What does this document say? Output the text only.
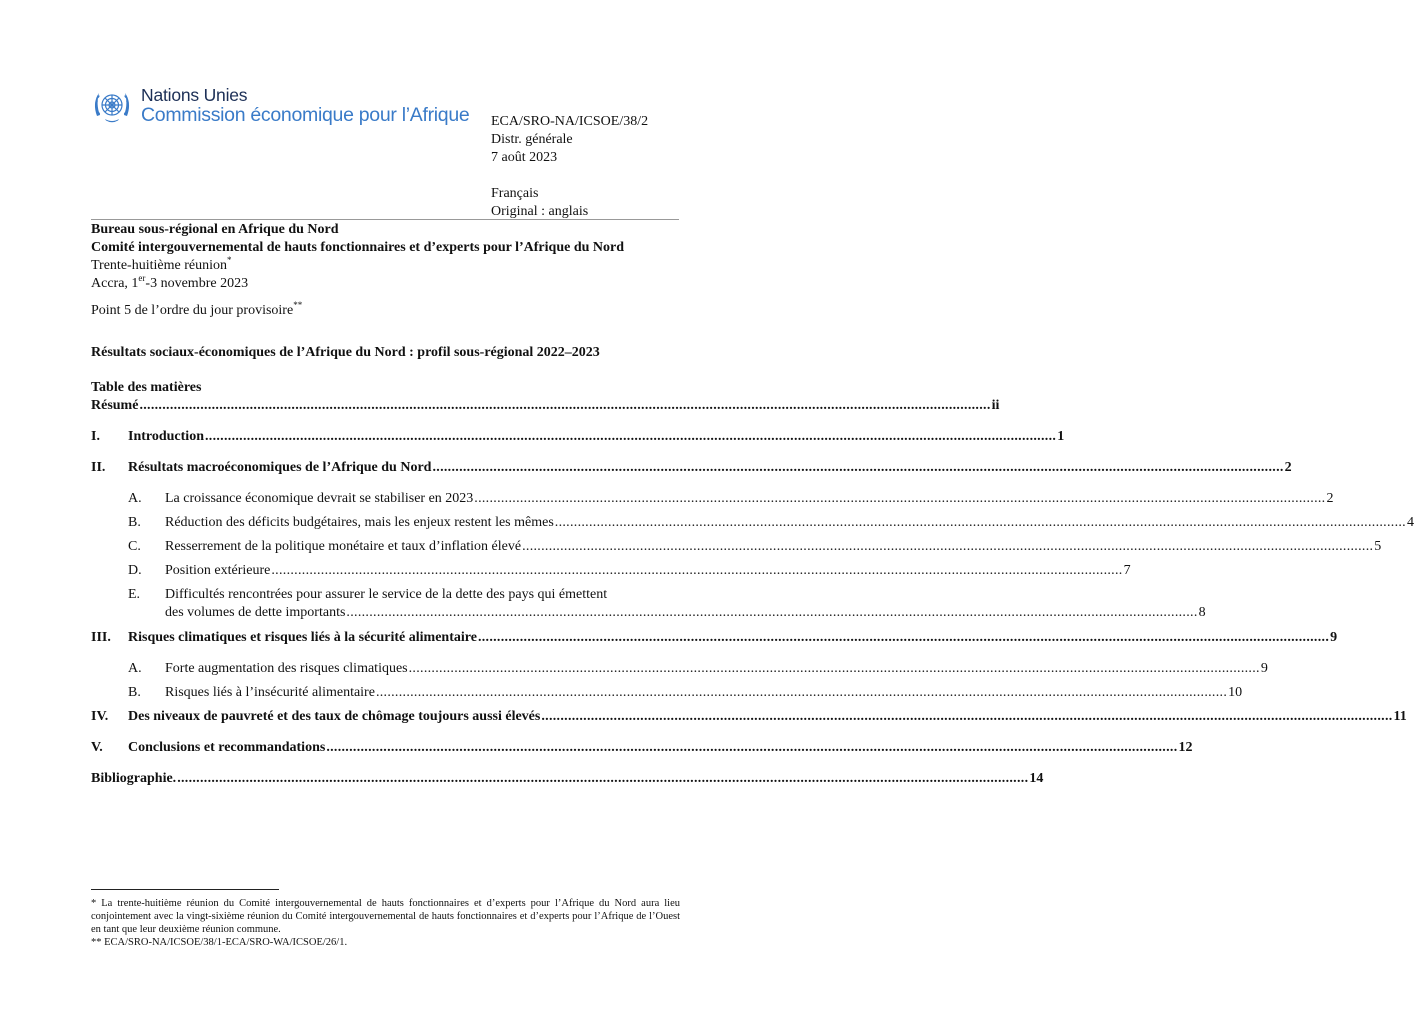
Nations Unies
Commission économique pour l’Afrique ECA/SRO-NA/ICSOE/38/2
Distr. générale
7 août 2023
Français
Original : anglais
Bureau sous-régional en Afrique du Nord
Comité intergouvernemental de hauts fonctionnaires et d’experts pour l’Afrique du Nord
Trente-huitième réunion*
Accra, 1er-3 novembre 2023
Point 5 de l’ordre du jour provisoire**
Résultats sociaux-économiques de l’Afrique du Nord : profil sous-régional 2022–2023
Table des matières
Résumé .....	ii
I.	Introduction .....	1
II.	Résultats macroéconomiques de l’Afrique du Nord .....	2
A.	La croissance économique devrait se stabiliser en 2023 .....	2
B.	Réduction des déficits budgétaires, mais les enjeux restent les mêmes .....	4
C.	Resserrement de la politique monétaire et taux d’inflation élevé .....	5
D.	Position extérieure .....	7
E.	Difficultés rencontrées pour assurer le service de la dette des pays qui émettent
des volumes de dette importants .....	8
III.	Risques climatiques et risques liés à la sécurité alimentaire .....	9
A.	Forte augmentation des risques climatiques .....	9
B.	Risques liés à l’insécurité alimentaire .....	10
IV.	Des niveaux de pauvreté et des taux de chômage toujours aussi élevés .....	11
V.	Conclusions et recommandations .....	12
Bibliographie. .....	14
* La trente-huitième réunion du Comité intergouvernemental de hauts fonctionnaires et d’experts pour l’Afrique du Nord aura lieu conjointement avec la vingt-sixième réunion du Comité intergouvernemental de hauts fonctionnaires et d’experts pour l’Afrique de l’Ouest en tant que leur deuxième réunion commune.
** ECA/SRO-NA/ICSOE/38/1-ECA/SRO-WA/ICSOE/26/1.
